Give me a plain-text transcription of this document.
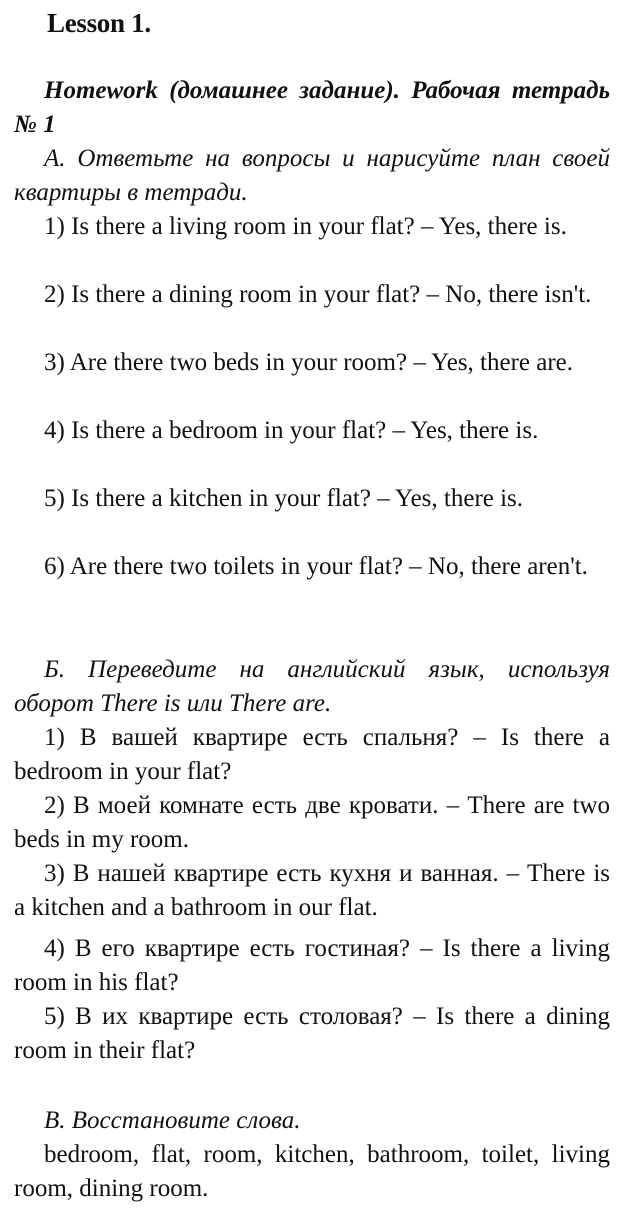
Lesson 1.
Homework (домашнее задание). Рабочая тетрадь № 1
А. Ответьте на вопросы и нарисуйте план своей квартиры в тетради.
1) Is there a living room in your flat? – Yes, there is.
2) Is there a dining room in your flat? – No, there isn't.
3) Are there two beds in your room? – Yes, there are.
4) Is there a bedroom in your flat? – Yes, there is.
5) Is there a kitchen in your flat? – Yes, there is.
6) Are there two toilets in your flat? – No, there aren't.
Б. Переведите на английский язык, используя оборот There is или There are.
1) В вашей квартире есть спальня? – Is there a bedroom in your flat?
2) В моей комнате есть две кровати. – There are two beds in my room.
3) В нашей квартире есть кухня и ванная. – There is a kitchen and a bathroom in our flat.
4) В его квартире есть гостиная? – Is there a living room in his flat?
5) В их квартире есть столовая? – Is there a dining room in their flat?
В. Восстановите слова.
bedroom, flat, room, kitchen, bathroom, toilet, living room, dining room.
